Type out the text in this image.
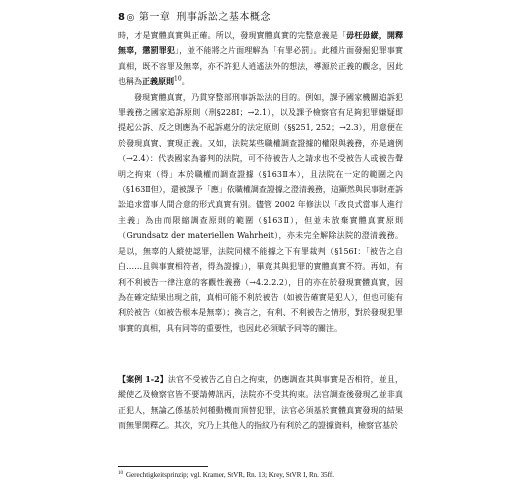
8◎ 第一章 刑事訴訟之基本概念

時，才是實體真實與正確。所以，發現實體真實的完整意義是「毋枉毋縱，開釋無辜，懲罰罪犯」，並不能將之片面理解為「有罪必罰」。此種片面發掘犯罪事實真相，既不容罪及無辜，亦不許犯人逍遙法外的想法，導源於正義的觀念，因此也稱為正義原則$^{10}$。

發現實體真實，乃貫穿整部刑事訴訟法的目的。例如，課予國家機關追訴犯罪義務之國家追訴原則（刑§228Ⅰ；→2.1），以及課予檢察官有足夠犯罪嫌疑即提起公訴、反之則應為不起訴處分的法定原則（§§251, 252；→2.3），用意便在於發現真實、實現正義。又如，法院某些職權調查證據的權限與義務，亦是適例（→2.4）：代表國家為審判的法院，可不待被告人之請求也不受被告人或被告聲明之拘束（得」本於職權而調查證據（§163Ⅱ本），且法院在一定的範圍之內（§163Ⅱ但），還被課予「應」依職權調查證據之澄清義務，這顯然與民事財產訴訟追求當事人間合意的形式真實有別。儘管 2002 年修法以「改良式當事人進行主義」為由而限縮調查原則的範圍（§163Ⅱ），但並未放棄實體真實原則（Grundsatz der materiellen Wahrheit），亦未完全解除法院的澄清義務。是以，無辜的人縱使認罪，法院同樣不能據之下有罪裁判（§156Ⅰ：「被告之自白……且與事實相符者，得為證據」），畢竟其與犯罪的實體真實不符。再如，有利不利被告一律注意的客觀性義務（→4.2.2.2），目的亦在於發現實體真實，因為在確定結果出現之前，真相可能不利於被告（如被告確實是犯人），但也可能有利於被告（如被告根本是無辜）；換言之，有利、不利被告之情形，對於發現犯罪事實的真相，具有同等的重要性，也因此必須賦予同等的關注。

【案例 1-2】法官不受被告乙自白之拘束，仍應調查其與事實是否相符，並且，縱使乙及檢察官皆不要請傳訊丙，法院亦不受其拘束。法官調查後發現乙並非真正犯人，無論乙係基於何種動機而頂替犯罪，法官必須基於實體真實發現的結果而無罪開釋乙。其次，究乃上其他人的指紋乃有利於乙的證據資料，檢察官基於
$^{10}$ Gerechtigkeitsprinzip; vgl. Kramer, StVR, Rn. 13; Krey, StVR I, Rn. 35ff.
